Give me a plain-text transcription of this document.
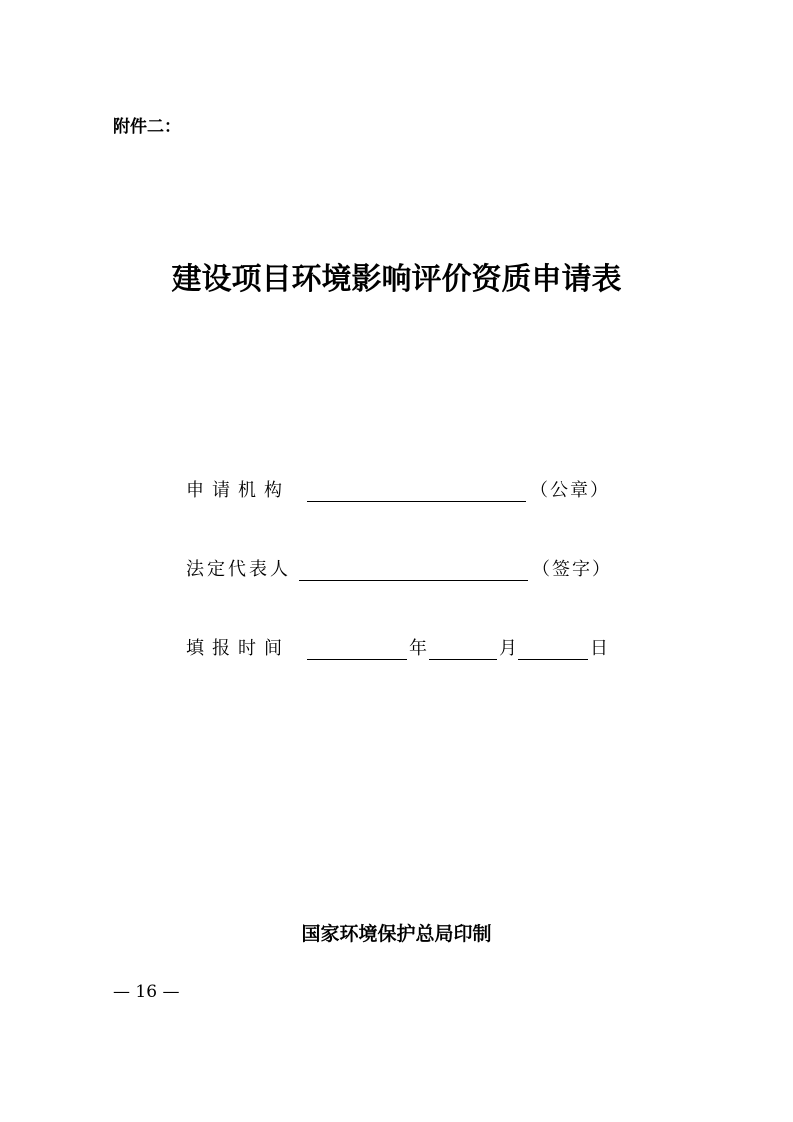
附件二：
建设项目环境影响评价资质申请表
申请机构	（公章）
法定代表人	（签字）
填报时间	年	月	日
国家环境保护总局印制
— 16 —
